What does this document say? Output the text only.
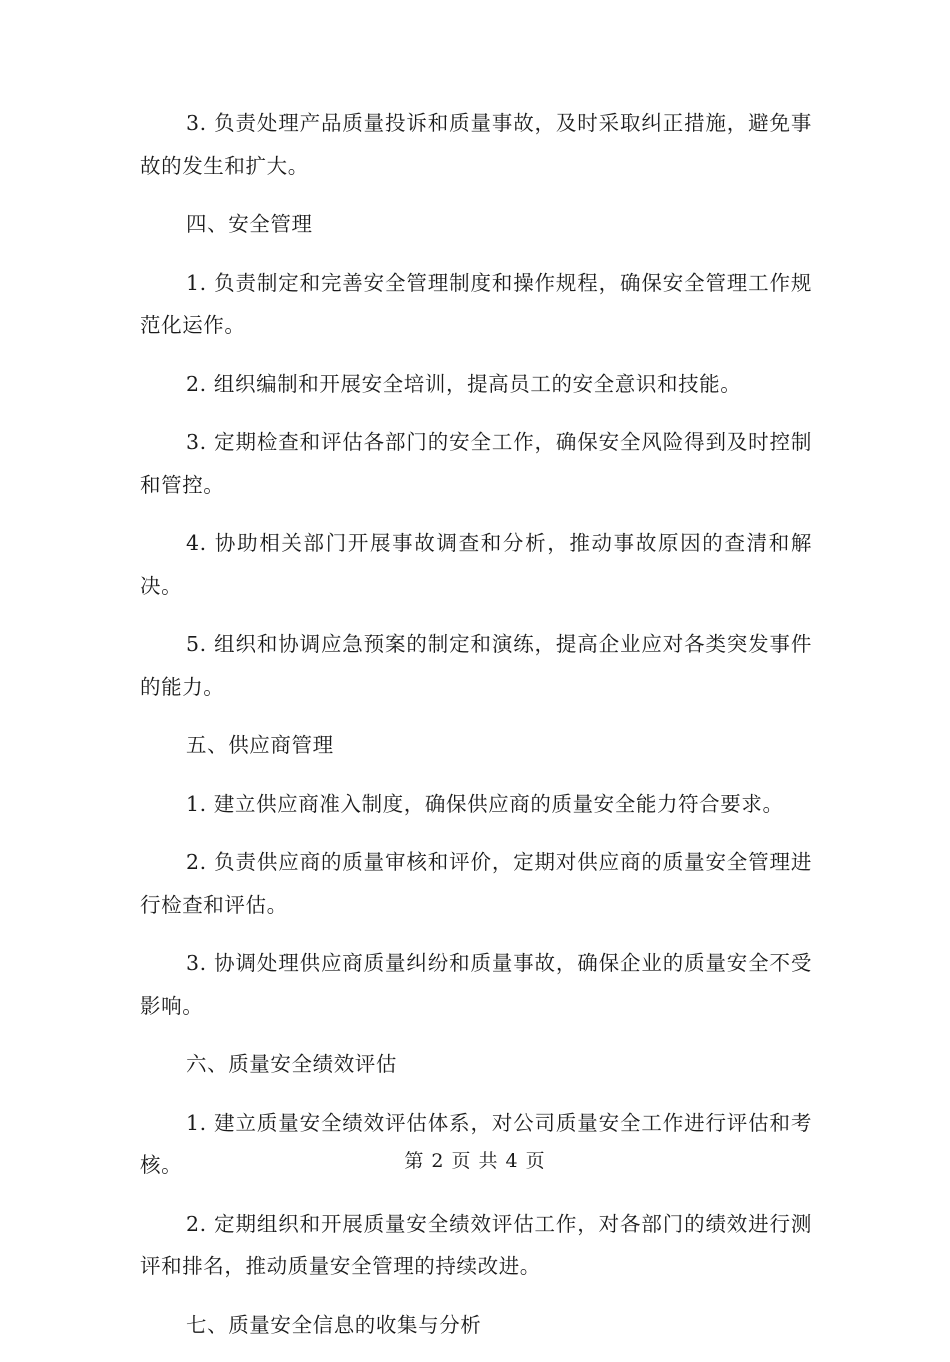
3. 负责处理产品质量投诉和质量事故，及时采取纠正措施，避免事故的发生和扩大。

四、安全管理

1. 负责制定和完善安全管理制度和操作规程，确保安全管理工作规范化运作。

2. 组织编制和开展安全培训，提高员工的安全意识和技能。

3. 定期检查和评估各部门的安全工作，确保安全风险得到及时控制和管控。

4. 协助相关部门开展事故调查和分析，推动事故原因的查清和解决。

5. 组织和协调应急预案的制定和演练，提高企业应对各类突发事件的能力。

五、供应商管理

1. 建立供应商准入制度，确保供应商的质量安全能力符合要求。

2. 负责供应商的质量审核和评价，定期对供应商的质量安全管理进行检查和评估。

3. 协调处理供应商质量纠纷和质量事故，确保企业的质量安全不受影响。

六、质量安全绩效评估

1. 建立质量安全绩效评估体系，对公司质量安全工作进行评估和考核。

2. 定期组织和开展质量安全绩效评估工作，对各部门的绩效进行测评和排名，推动质量安全管理的持续改进。

七、质量安全信息的收集与分析

第 2 页 共 4 页
